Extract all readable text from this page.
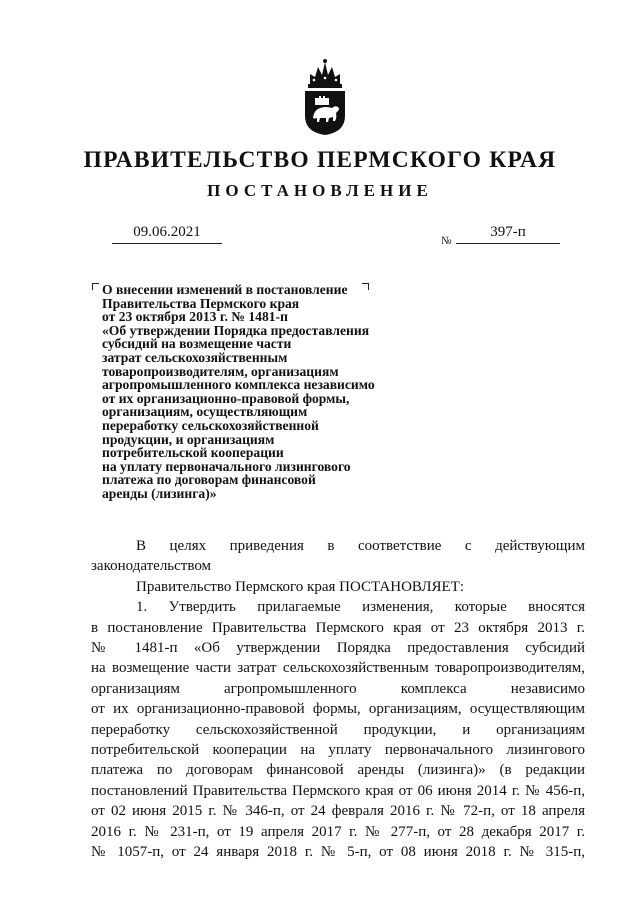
ПРАВИТЕЛЬСТВО ПЕРМСКОГО КРАЯ
ПОСТАНОВЛЕНИЕ
09.06.2021
№
397-п
О внесении изменений в постановление
Правительства Пермского края
от 23 октября 2013 г. № 1481-п
«Об утверждении Порядка предоставления
субсидий на возмещение части
затрат сельскохозяйственным
товаропроизводителям, организациям
агропромышленного комплекса независимо
от их организационно-правовой формы,
организациям, осуществляющим
переработку сельскохозяйственной
продукции, и организациям
потребительской кооперации
на уплату первоначального лизингового
платежа по договорам финансовой
аренды (лизинга)»
В целях приведения в соответствие с действующим
законодательством
Правительство Пермского края ПОСТАНОВЛЯЕТ:
1. Утвердить прилагаемые изменения, которые вносятся
в постановление Правительства Пермского края от 23 октября 2013 г.
№ 1481-п «Об утверждении Порядка предоставления субсидий
на возмещение части затрат сельскохозяйственным товаропроизводителям,
организациям агропромышленного комплекса независимо
от их организационно-правовой формы, организациям, осуществляющим
переработку сельскохозяйственной продукции, и организациям
потребительской кооперации на уплату первоначального лизингового
платежа по договорам финансовой аренды (лизинга)» (в редакции
постановлений Правительства Пермского края от 06 июня 2014 г. № 456-п,
от 02 июня 2015 г. № 346-п, от 24 февраля 2016 г. № 72-п, от 18 апреля
2016 г. № 231-п, от 19 апреля 2017 г. № 277-п, от 28 декабря 2017 г.
№ 1057-п, от 24 января 2018 г. № 5-п, от 08 июня 2018 г. № 315-п,
